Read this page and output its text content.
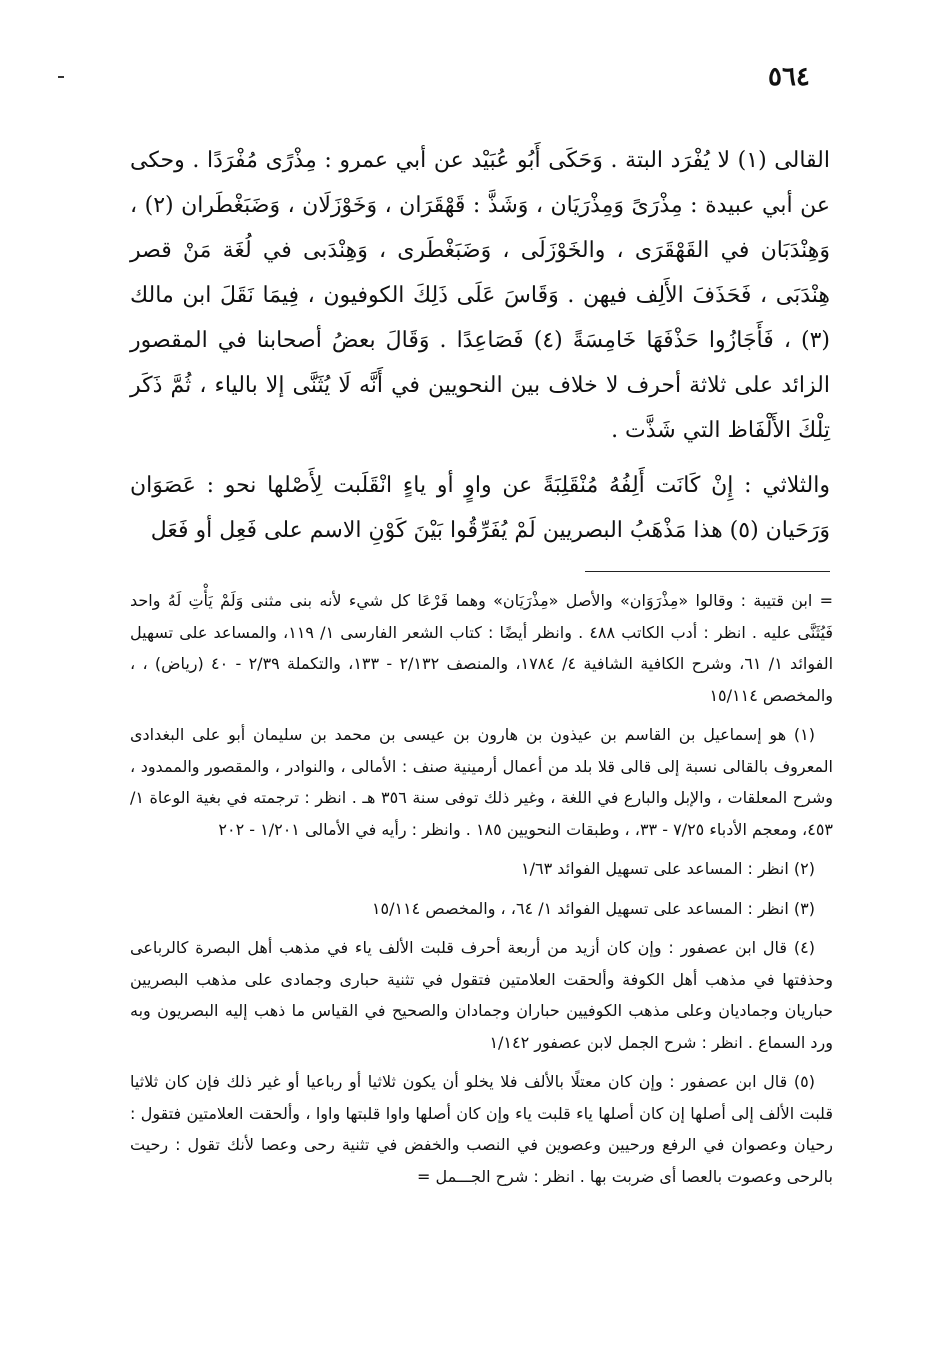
٥٦٤

القالى (١) لا يُفْرَد البتة . وَحَكَى أَبُو عُبَيْد عن أبي عمرو : مِذْرًى مُفْرَدًا . وحكى عن أبي عبيدة : مِذْرَىً وَمِذْرَيَان ، وَشَذَّ : قَهْقَرَان ، وَخَوْزَلَان ، وَضَبَغْطَران (٢) ، وَهِنْدَبَان في القَهْقَرَى ، والخَوْزَلَى ، وَضَبَغْطَرى ، وَهِنْدَبى في لُغَة مَنْ قصر هِنْدَبَى ، فَحَذَفَ الأَلِف فيهن . وَقَاسَ عَلَى ذَلِكَ الكوفيون ، فِيمَا نَقَلَ ابن مالك (٣) ، فَأَجَازُوا حَذْفَهَا خَامِسَةً (٤) فَصَاعِدًا . وَقَالَ بعضُ أصحابنا في المقصور الزائد على ثلاثة أحرف لا خلاف بين النحويين في أَنَّه لَا يُثَنَّى إلا بالياء ، ثُمَّ ذَكَر تِلْكَ الأَلْفَاظ التي شَذَّت .

والثلاثي : إِنْ كَانَت أَلِفُهُ مُنْقَلِبَةً عن واوٍ أو ياءٍ انْقَلَبت لِأَصْلها نحو : عَصَوَان وَرَحَيان (٥) هذا مَذْهَبُ البصريين لَمْ يُفَرِّقُوا بَيْنَ كَوْنِ الاسم على فَعِل أو فَعَل

= ابن قتيبة : وقالوا «مِذْرَوَان» والأصل «مِذْرَيَان» وهما فَرْعَا كل شيء لأنه بنى مثنى وَلَمْ يَأْتِ لَهُ واحد فَيُثَنَّى عليه . انظر : أدب الكاتب ٤٨٨ . وانظر أيضًا : كتاب الشعر الفارسى ١/ ١١٩، والمساعد على تسهيل الفوائد ١/ ٦١، وشرح الكافية الشافية ٤/ ١٧٨٤، والمنصف ٢/١٣٢ - ١٣٣، والتكملة ٢/٣٩ - ٤٠ (رياض) ، ، والمخصص ١٥/١١٤

(١) هو إسماعيل بن القاسم بن عيذون بن هارون بن عيسى بن محمد بن سليمان أبو على البغدادى المعروف بالقالى نسبة إلى قالى قلا بلد من أعمال أرمينية صنف : الأمالى ، والنوادر ، والمقصور والممدود ، وشرح المعلقات ، والإبل والبارع في اللغة ، وغير ذلك توفى سنة ٣٥٦ هـ . انظر : ترجمته في بغية الوعاة ١/ ٤٥٣، ومعجم الأدباء ٧/٢٥ - ٣٣، ، وطبقات النحويين ١٨٥ . وانظر : رأيه في الأمالى ١/٢٠١ - ٢٠٢

(٢) انظر : المساعد على تسهيل الفوائد ١/٦٣

(٣) انظر : المساعد على تسهيل الفوائد ١/ ٦٤، ، والمخصص ١٥/١١٤

(٤) قال ابن عصفور : وإن كان أزيد من أربعة أحرف قلبت الألف ياء في مذهب أهل البصرة كالرباعى وحذفتها في مذهب أهل الكوفة وألحقت العلامتين فتقول في تثنية حبارى وجمادى على مذهب البصريين حباريان وجماديان وعلى مذهب الكوفيين حباران وجمادان والصحيح في القياس ما ذهب إليه البصريون وبه ورد السماع . انظر : شرح الجمل لابن عصفور ١/١٤٢

(٥) قال ابن عصفور : وإن كان معتلًا بالألف فلا يخلو أن يكون ثلاثيا أو رباعيا أو غير ذلك فإن كان ثلاثيا قلبت الألف إلى أصلها إن كان أصلها ياء قلبت ياء وإن كان أصلها واوا قلبتها واوا ، وألحقت العلامتين فتقول : رحيان وعصوان في الرفع ورحيين وعصوين في النصب والخفض في تثنية رحى وعصا لأنك تقول : رحيت بالرحى وعصوت بالعصا أى ضربت بها . انظر : شرح الجـــمل =
